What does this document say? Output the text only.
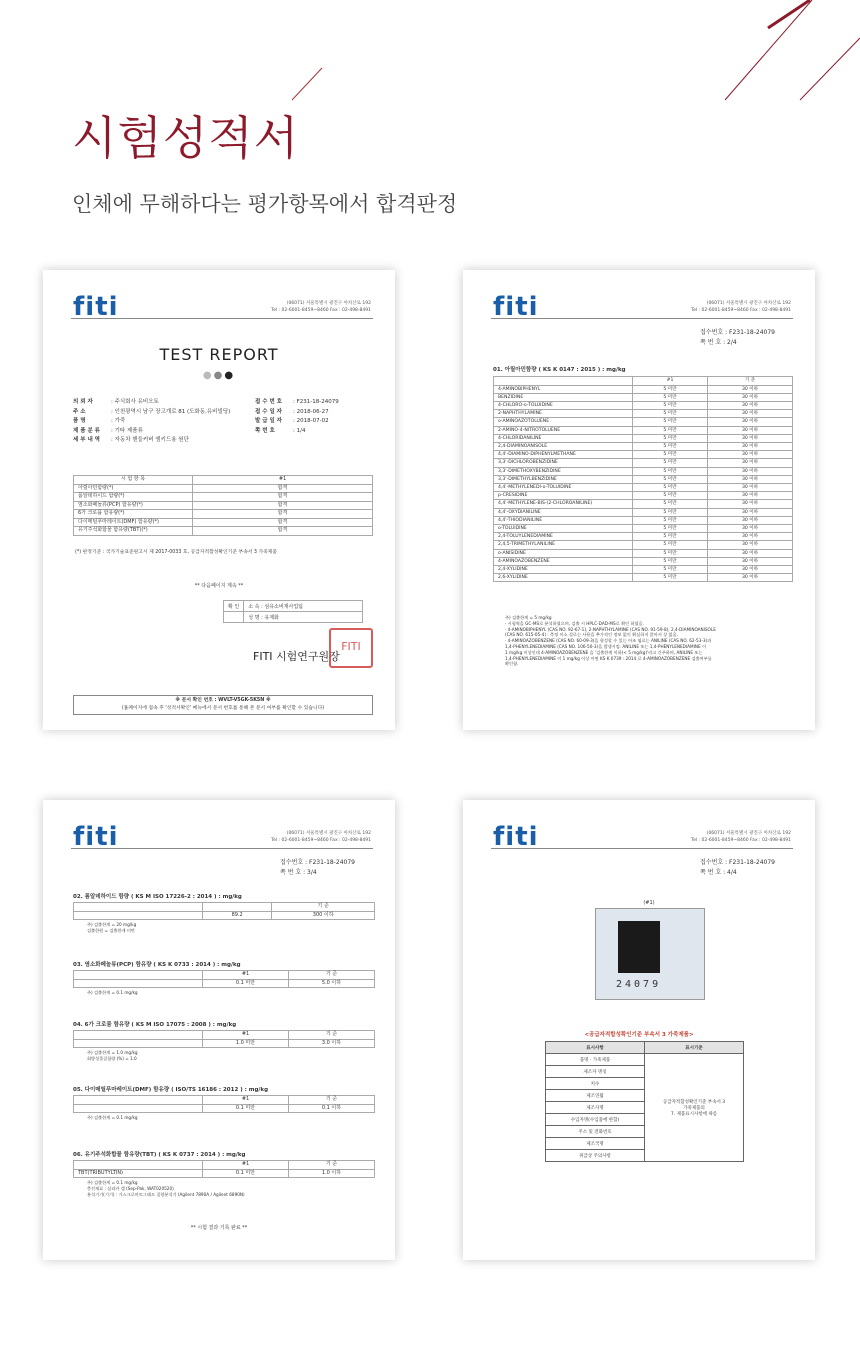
시험성적서

인체에 무해하다는 평가항목에서 합격판정

fiti	(06071) 서울특별시 광진구 아차산로 192
Tel : 02-6001-8459~8460 Fax : 02-498-8491
TEST REPORT
●●●
의 뢰 자	: 주식회사 유비오토
주 소	: 인천광역시 남구 장고개로 81 (도화동,유비빌딩)
품 명	: 가죽
제 품 분 류 : 기타 제품류
세 부 내 역 : 자동차 핸들커버 엠키드용 원단
접 수 번 호 : F231-18-24079
접 수 일 자 : 2018-06-27
발 급 일 자 : 2018-07-02
쪽 번 호	: 1/4
시 험 항 목	#1
아릴아민함량(*)	합격
폼알데하이드 함량(*)	합격
염소화페놀류(PCP) 함유량(*)	합격
6가 크로뮴 함유량(*)	합격
다이메틸푸마레이트(DMF) 함유량(*)	합격
유기주석화합물 함유량(TBT)(*)	합격
(*) 판정기준 : 국가기술표준원고시 제 2017-0033 호, 공급자적합성확인기준 부속서 3 가죽제품
** 다음페이지 계속 **
확 인	소 속 : 섬유소비재사업팀
	성 명 : 유제화
FITI 시험연구원장
FITI
※ 문서 확인 번호 : WVLT-V5GK-5K5N ※
(홈페이지에 접속 후 '성적서확인' 메뉴에서 문서 번호를 통해 본 문서 여부를 확인할 수 있습니다)
fiti	(06071) 서울특별시 광진구 아차산로 192
Tel : 02-6001-8459~8460 Fax : 02-498-8491
접수번호 : F231-18-24079
쪽 번 호 : 2/4
01. 아릴아민함량 ( KS K 0147 : 2015 ) : mg/kg
	#1	기 준
4-AMINOBIPHENYL	5 미만	30 이하
BENZIDINE	5 미만	30 이하
4-CHLORO-o-TOLUIDINE	5 미만	30 이하
2-NAPHTHYLAMINE	5 미만	30 이하
o-AMINOAZOTOLUENE	5 미만	30 이하
2-AMINO-4-NITROTOLUENE	5 미만	30 이하
4-CHLORIDANILINE	5 미만	30 이하
2,4-DIAMINOANISOLE	5 미만	30 이하
4,4'-DIAMINO-DIPHENYLMETHANE	5 미만	30 이하
3,3'-DICHLOROBENZIDINE	5 미만	30 이하
3,3'-DIMETHOXYBENZIDINE	5 미만	30 이하
3,3'-DIMETHYLBENZIDINE	5 미만	30 이하
4,4'-METHYLENEDI-o-TOLUIDINE	5 미만	30 이하
p-CRESIDINE	5 미만	30 이하
4,4'-METHYLENE-BIS-(2-CHLOROANILINE)	5 미만	30 이하
4,4'-OXYDIANILINE	5 미만	30 이하
4,4'-THIODIANILINE	5 미만	30 이하
o-TOLUIDINE	5 미만	30 이하
2,4-TOLUYLENEDIAMINE	5 미만	30 이하
2,4,5-TRIMETHYLANILINE	5 미만	30 이하
o-ANISIDINE	5 미만	30 이하
4-AMINOAZOBENZENE	5 미만	30 이하
2,4-XYLIDINE	5 미만	30 이하
2,6-XYLIDINE	5 미만	30 이하
주) 검출한계 = 5 mg/kg
· 시험역을 GC-MS로 분석하였으며, 검출 시 HPLC-DAD-MS로 확인 하였음.
· 4-AMINOBIPHENYL (CAS NO. 92-67-1), 2-NAPHTHYLAMINE (CAS NO. 91-59-8), 2,4-DIAMINOANISOLE
(CAS NO. 615-05-4) : 측정 이소 결로는 사용을 추가적인 정보 없이 확실하지 않아서 상 없음.
· 4-AMINOAZOBENZENE (CAS NO. 60-09-3)을 형성할 수 있는 아조 염료는 ANILINE (CAS NO. 62-53-3)과
1,4-PHENYLENEDIAMINE (CAS NO. 106-50-3)을 발생시킴. ANILINE 또는 1,4-PHENYLENEDIAMINE 이
1 mg/kg 이상인데 4-AMINOAZOBENZENE 을 '검출한계 이하(< 5 mg/kg)'라고 간주하며, ANILINE 또는
1,4-PHENYLENEDIAMINE 이 1 mg/kg 이상 이면 KS K 0739 : 2014 로 4-AMINOAZOBENZENE 검출여부를
확인함.
fiti	(06071) 서울특별시 광진구 아차산로 192
Tel : 02-6001-8459~8460 Fax : 02-498-8491
접수번호 : F231-18-24079
쪽 번 호 : 3/4
02. 폼알데하이드 함량 ( KS M ISO 17226-2 : 2014 ) : mg/kg
		기 준
	89.2	300 이하
주) 검출한계 = 20 mg/kg
검출한원 = 검출한계 미만
03. 염소화페놀류(PCP) 함유량 ( KS K 0733 : 2014 ) : mg/kg
	#1	기 준
	0.1 미만	5.0 이하
주) 검출한계 = 0.1 mg/kg
04. 6가 크로뮴 함유량 ( KS M ISO 17075 : 2008 ) : mg/kg
	#1	기 준
	1.0 미만	3.0 이하
주) 검출한계 = 1.0 mg/kg
회방성물질함량 (%) = 1.0
05. 다이메틸푸마레이트(DMF) 함유량 ( ISO/TS 16186 : 2012 ) : mg/kg
	#1	기 준
	0.1 미만	0.1 이하
주) 검출한계 = 0.1 mg/kg
06. 유기주석화합물 함유량(TBT) ( KS K 0737 : 2014 ) : mg/kg
	#1	기 준
TBT(TRIBUTYLTIN)	0.1 미만	1.0 이하
주) 검출한계 = 0.1 mg/kg
충진재료 : 실리카 겔 (Sep-Pak, WAT020520)
분석기기(기기) : 가스크로마토그래프 질량분석기 (Agilent 7890A / Agilent 6890N)
** 시험 결과 기록 완료 **
fiti	(06071) 서울특별시 광진구 아차산로 192
Tel : 02-6001-8459~8460 Fax : 02-498-8491
접수번호 : F231-18-24079
쪽 번 호 : 4/4
(#1)
24079
<공급자적합성확인기준 부속서 3 가죽제품>
표시사항	표시기준
품명 · 가죽제품	공급자적합성확인기준 부속서 3
가죽제품의
7. 제품표시사항에 따름

제조자 명칭	
치수	
제조연월	
제조자명	
수입자명(수입품에 한함)	
주소 및 전화번호	
제조국명	
취급상 주의사항	
